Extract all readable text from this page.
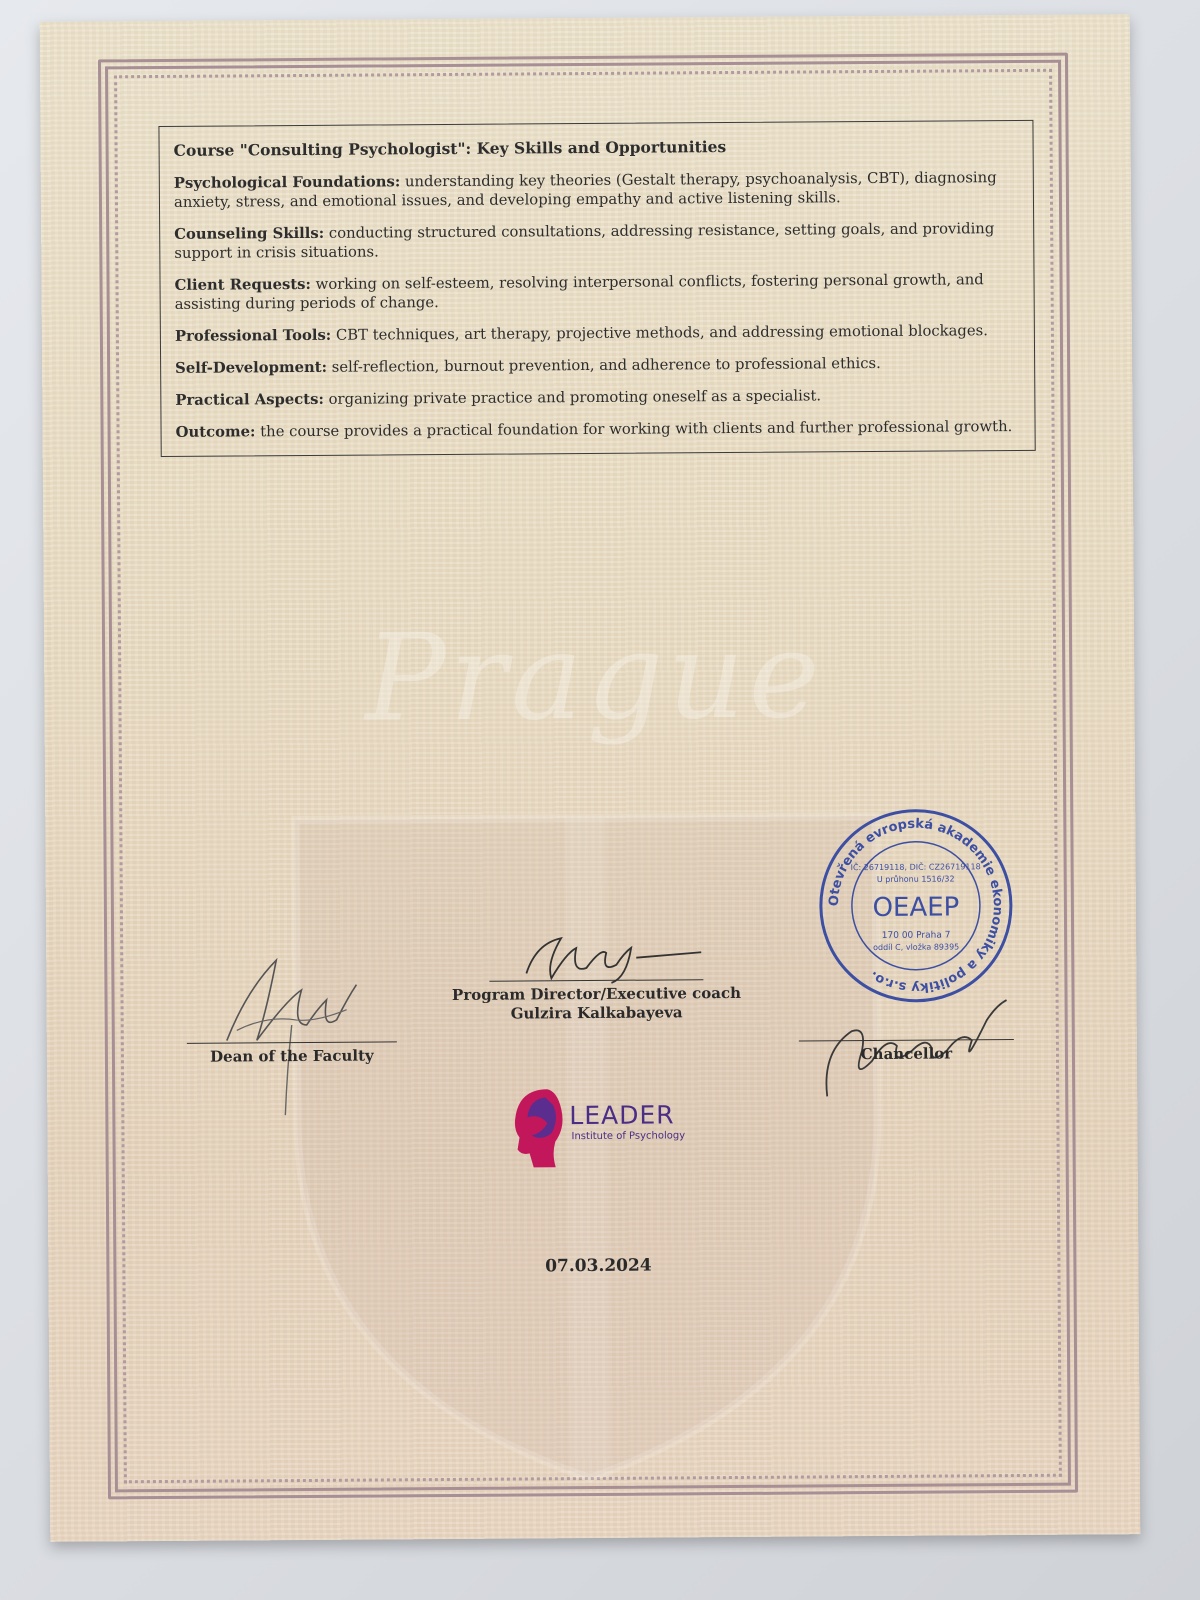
Prague

Course "Consulting Psychologist": Key Skills and Opportunities

Psychological Foundations: understanding key theories (Gestalt therapy, psychoanalysis, CBT), diagnosing anxiety, stress, and emotional issues, and developing empathy and active listening skills.

Counseling Skills: conducting structured consultations, addressing resistance, setting goals, and providing support in crisis situations.

Client Requests: working on self-esteem, resolving interpersonal conflicts, fostering personal growth, and assisting during periods of change.

Professional Tools: CBT techniques, art therapy, projective methods, and addressing emotional blockages.

Self-Development: self-reflection, burnout prevention, and adherence to professional ethics.

Practical Aspects: organizing private practice and promoting oneself as a specialist.

Outcome: the course provides a practical foundation for working with clients and further professional growth.

Dean of the Faculty
Program Director/Executive coach
Gulzira Kalkabayeva
Otevřená evropská akademie ekonomiky a politiky s.r.o.
IČ: 26719118, DIČ: CZ26719118
U průhonu 1516/32
OEAEP
170 00 Praha 7
oddíl C, vložka 89395
Chancellor
LEADER
Institute of Psychology
07.03.2024
